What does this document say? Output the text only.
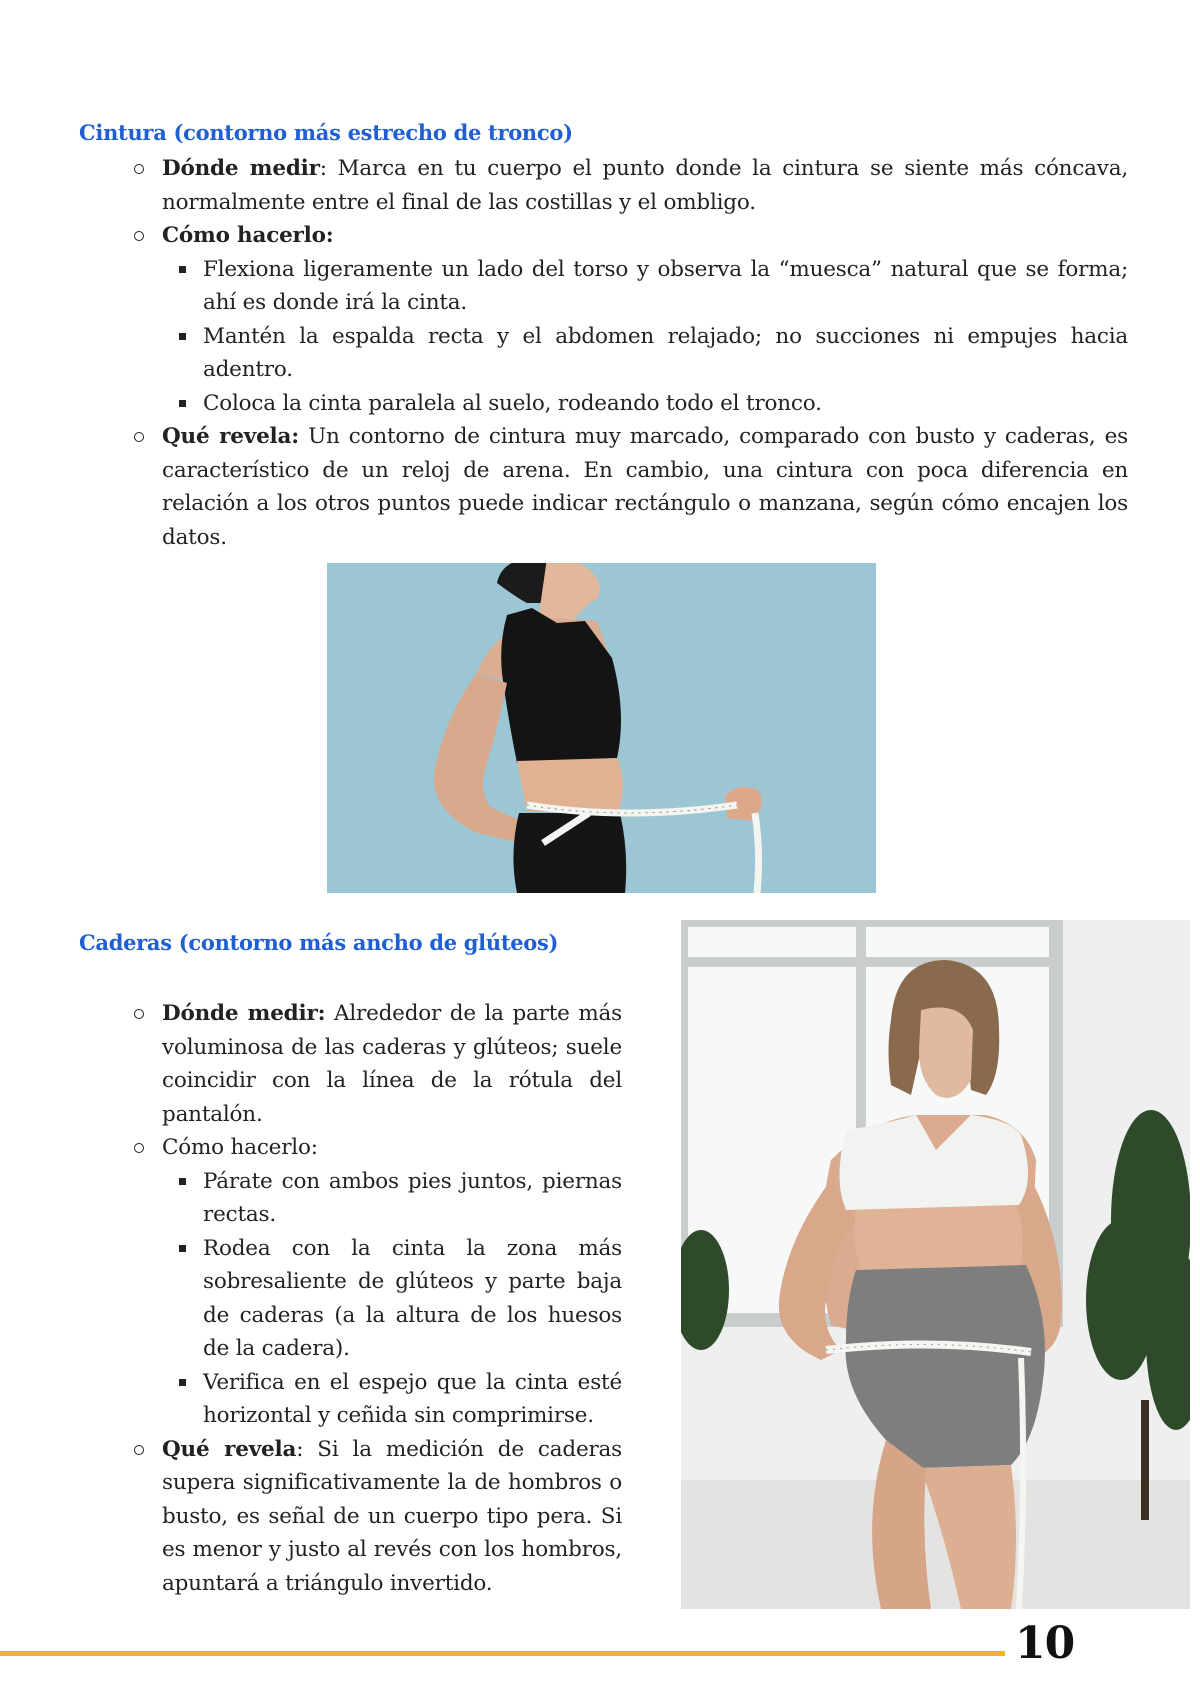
Cintura (contorno más estrecho de tronco)
Dónde medir: Marca en tu cuerpo el punto donde la cintura se siente más cóncava, normalmente entre el final de las costillas y el ombligo.
Cómo hacerlo:
Flexiona ligeramente un lado del torso y observa la “muesca” natural que se forma; ahí es donde irá la cinta.
Mantén la espalda recta y el abdomen relajado; no succiones ni empujes hacia adentro.
Coloca la cinta paralela al suelo, rodeando todo el tronco.
Qué revela: Un contorno de cintura muy marcado, comparado con busto y caderas, es característico de un reloj de arena. En cambio, una cintura con poca diferencia en relación a los otros puntos puede indicar rectángulo o manzana, según cómo encajen los datos.
Caderas (contorno más ancho de glúteos)
Dónde medir: Alrededor de la parte más voluminosa de las caderas y glúteos; suele coincidir con la línea de la rótula del pantalón.
Cómo hacerlo:
Párate con ambos pies juntos, piernas rectas.
Rodea con la cinta la zona más sobresaliente de glúteos y parte baja de caderas (a la altura de los huesos de la cadera).
Verifica en el espejo que la cinta esté horizontal y ceñida sin comprimirse.
Qué revela: Si la medición de caderas supera significativamente la de hombros o busto, es señal de un cuerpo tipo pera. Si es menor y justo al revés con los hombros, apuntará a triángulo invertido.
10
